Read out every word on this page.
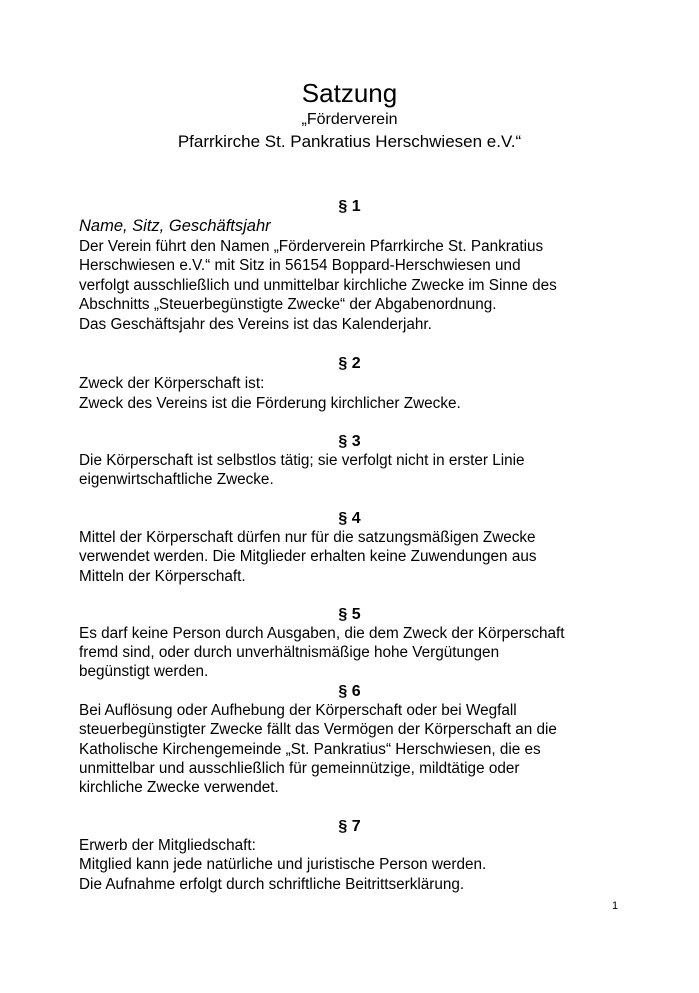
Satzung
„Förderverein
Pfarrkirche St. Pankratius Herschwiesen e.V.“
§ 1
Name, Sitz, Geschäftsjahr
Der Verein führt den Namen „Förderverein Pfarrkirche St. Pankratius
Herschwiesen e.V.“ mit Sitz in 56154 Boppard-Herschwiesen und
verfolgt ausschließlich und unmittelbar kirchliche Zwecke im Sinne des
Abschnitts „Steuerbegünstigte Zwecke“ der Abgabenordnung.
Das Geschäftsjahr des Vereins ist das Kalenderjahr.
§ 2
Zweck der Körperschaft ist:
Zweck des Vereins ist die Förderung kirchlicher Zwecke.
§ 3
Die Körperschaft ist selbstlos tätig; sie verfolgt nicht in erster Linie
eigenwirtschaftliche Zwecke.
§ 4
Mittel der Körperschaft dürfen nur für die satzungsmäßigen Zwecke
verwendet werden. Die Mitglieder erhalten keine Zuwendungen aus
Mitteln der Körperschaft.
§ 5
Es darf keine Person durch Ausgaben, die dem Zweck der Körperschaft
fremd sind, oder durch unverhältnismäßige hohe Vergütungen
begünstigt werden.
§ 6
Bei Auflösung oder Aufhebung der Körperschaft oder bei Wegfall
steuerbegünstigter Zwecke fällt das Vermögen der Körperschaft an die
Katholische Kirchengemeinde „St. Pankratius“ Herschwiesen, die es
unmittelbar und ausschließlich für gemeinnützige, mildtätige oder
kirchliche Zwecke verwendet.
§ 7
Erwerb der Mitgliedschaft:
Mitglied kann jede natürliche und juristische Person werden.
Die Aufnahme erfolgt durch schriftliche Beitrittserklärung.
1
